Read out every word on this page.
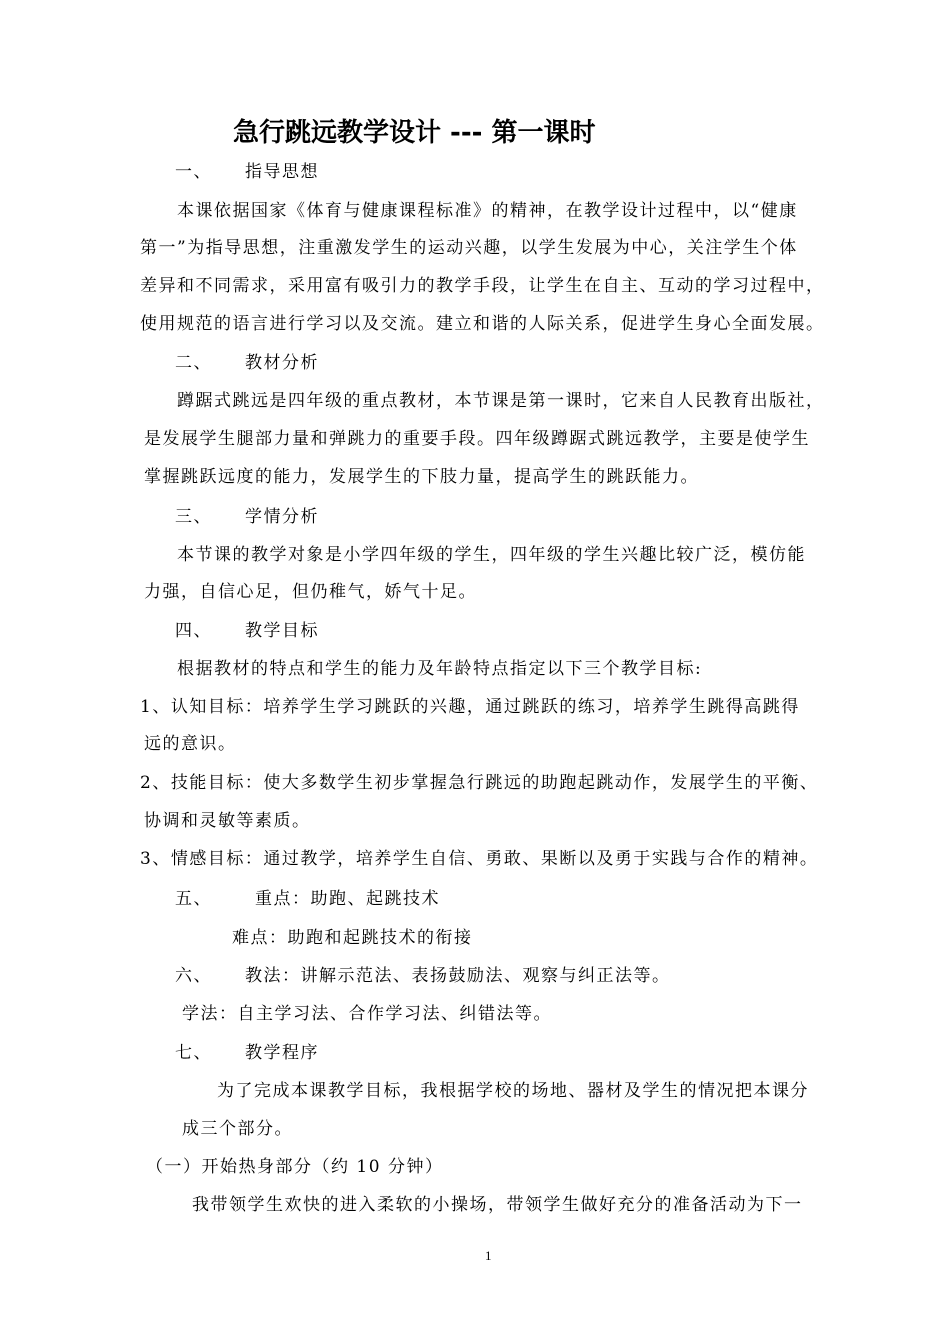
急行跳远教学设计 --- 第一课时
一、 指导思想
本课依据国家《体育与健康课程标准》的精神，在教学设计过程中，以“健康
第一”为指导思想，注重激发学生的运动兴趣，以学生发展为中心，关注学生个体
差异和不同需求，采用富有吸引力的教学手段，让学生在自主、互动的学习过程中，
使用规范的语言进行学习以及交流。建立和谐的人际关系，促进学生身心全面发展。
二、 教材分析
蹲踞式跳远是四年级的重点教材，本节课是第一课时，它来自人民教育出版社，
是发展学生腿部力量和弹跳力的重要手段。四年级蹲踞式跳远教学，主要是使学生
掌握跳跃远度的能力，发展学生的下肢力量，提高学生的跳跃能力。
三、 学情分析
本节课的教学对象是小学四年级的学生，四年级的学生兴趣比较广泛，模仿能
力强，自信心足，但仍稚气，娇气十足。
四、 教学目标
根据教材的特点和学生的能力及年龄特点指定以下三个教学目标:
1、认知目标：培养学生学习跳跃的兴趣，通过跳跃的练习，培养学生跳得高跳得
远的意识。
2、技能目标：使大多数学生初步掌握急行跳远的助跑起跳动作，发展学生的平衡、
协调和灵敏等素质。
3、情感目标：通过教学，培养学生自信、勇敢、果断以及勇于实践与合作的精神。
五、	重点：助跑、起跳技术
难点：助跑和起跳技术的衔接
六、 教法：讲解示范法、表扬鼓励法、观察与纠正法等。
学法：自主学习法、合作学习法、纠错法等。
七、 教学程序
为了完成本课教学目标，我根据学校的场地、器材及学生的情况把本课分
成三个部分。
（一）开始热身部分（约 10 分钟）
我带领学生欢快的进入柔软的小操场，带领学生做好充分的准备活动为下一
1
